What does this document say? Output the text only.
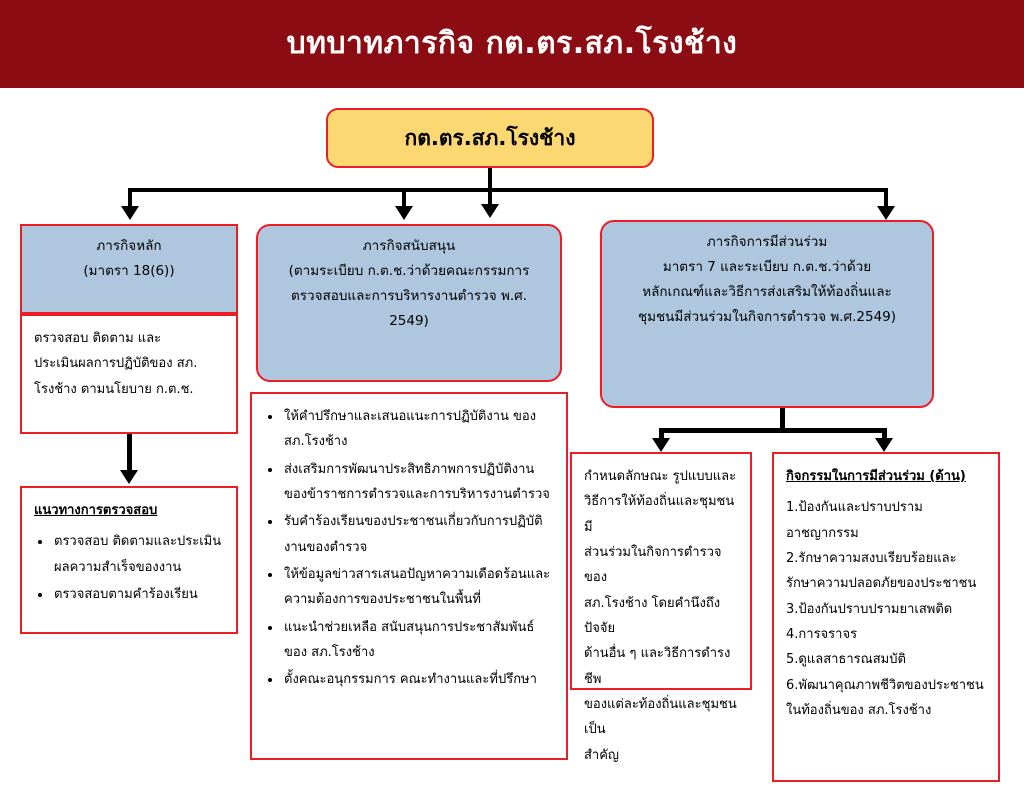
บทบาทภารกิจ กต.ตร.สภ.โรงช้าง
กต.ตร.สภ.โรงช้าง
ภารกิจหลัก
(มาตรา 18(6))
ตรวจสอบ ติดตาม และ
ประเมินผลการปฏิบัติของ สภ.
โรงช้าง ตามนโยบาย ก.ต.ช.
แนวทางการตรวจสอบ
• ตรวจสอบ ติดตามและประเมินผลความสำเร็จของงาน
• ตรวจสอบตามคำร้องเรียน
ภารกิจสนับสนุน
(ตามระเบียบ ก.ต.ช.ว่าด้วยคณะกรรมการ
ตรวจสอบและการบริหารงานตำรวจ พ.ศ.
2549)
• ให้คำปรึกษาและเสนอแนะการปฏิบัติงาน ของ สภ.โรงช้าง
• ส่งเสริมการพัฒนาประสิทธิภาพการปฏิบัติงานของข้าราชการตำรวจและการบริหารงานตำรวจ
• รับคำร้องเรียนของประชาชนเกี่ยวกับการปฏิบัติงานของตำรวจ
• ให้ข้อมูลข่าวสารเสนอปัญหาความเดือดร้อนและความต้องการของประชาชนในพื้นที่
• แนะนำช่วยเหลือ สนับสนุนการประชาสัมพันธ์ของ สภ.โรงช้าง
• ตั้งคณะอนุกรรมการ คณะทำงานและที่ปรึกษา
ภารกิจการมีส่วนร่วม
มาตรา 7 และระเบียบ ก.ต.ช.ว่าด้วย
หลักเกณฑ์และวิธีการส่งเสริมให้ท้องถิ่นและ
ชุมชนมีส่วนร่วมในกิจการตำรวจ พ.ศ.2549)
กำหนดลักษณะ รูปแบบและ
วิธีการให้ท้องถิ่นและชุมชนมี
ส่วนร่วมในกิจการตำรวจของ
สภ.โรงช้าง โดยคำนึงถึงปัจจัย
ด้านอื่น ๆ และวิธีการดำรงชีพ
ของแต่ละท้องถิ่นและชุมชนเป็น
สำคัญ
กิจกรรมในการมีส่วนร่วม (ด้าน)
1.ป้องกันและปราบปรามอาชญากรรม
2.รักษาความสงบเรียบร้อยและรักษาความปลอดภัยของประชาชน
3.ป้องกันปราบปรามยาเสพติด
4.การจราจร
5.ดูแลสาธารณสมบัติ
6.พัฒนาคุณภาพชีวิตของประชาชนในท้องถิ่นของ สภ.โรงช้าง
